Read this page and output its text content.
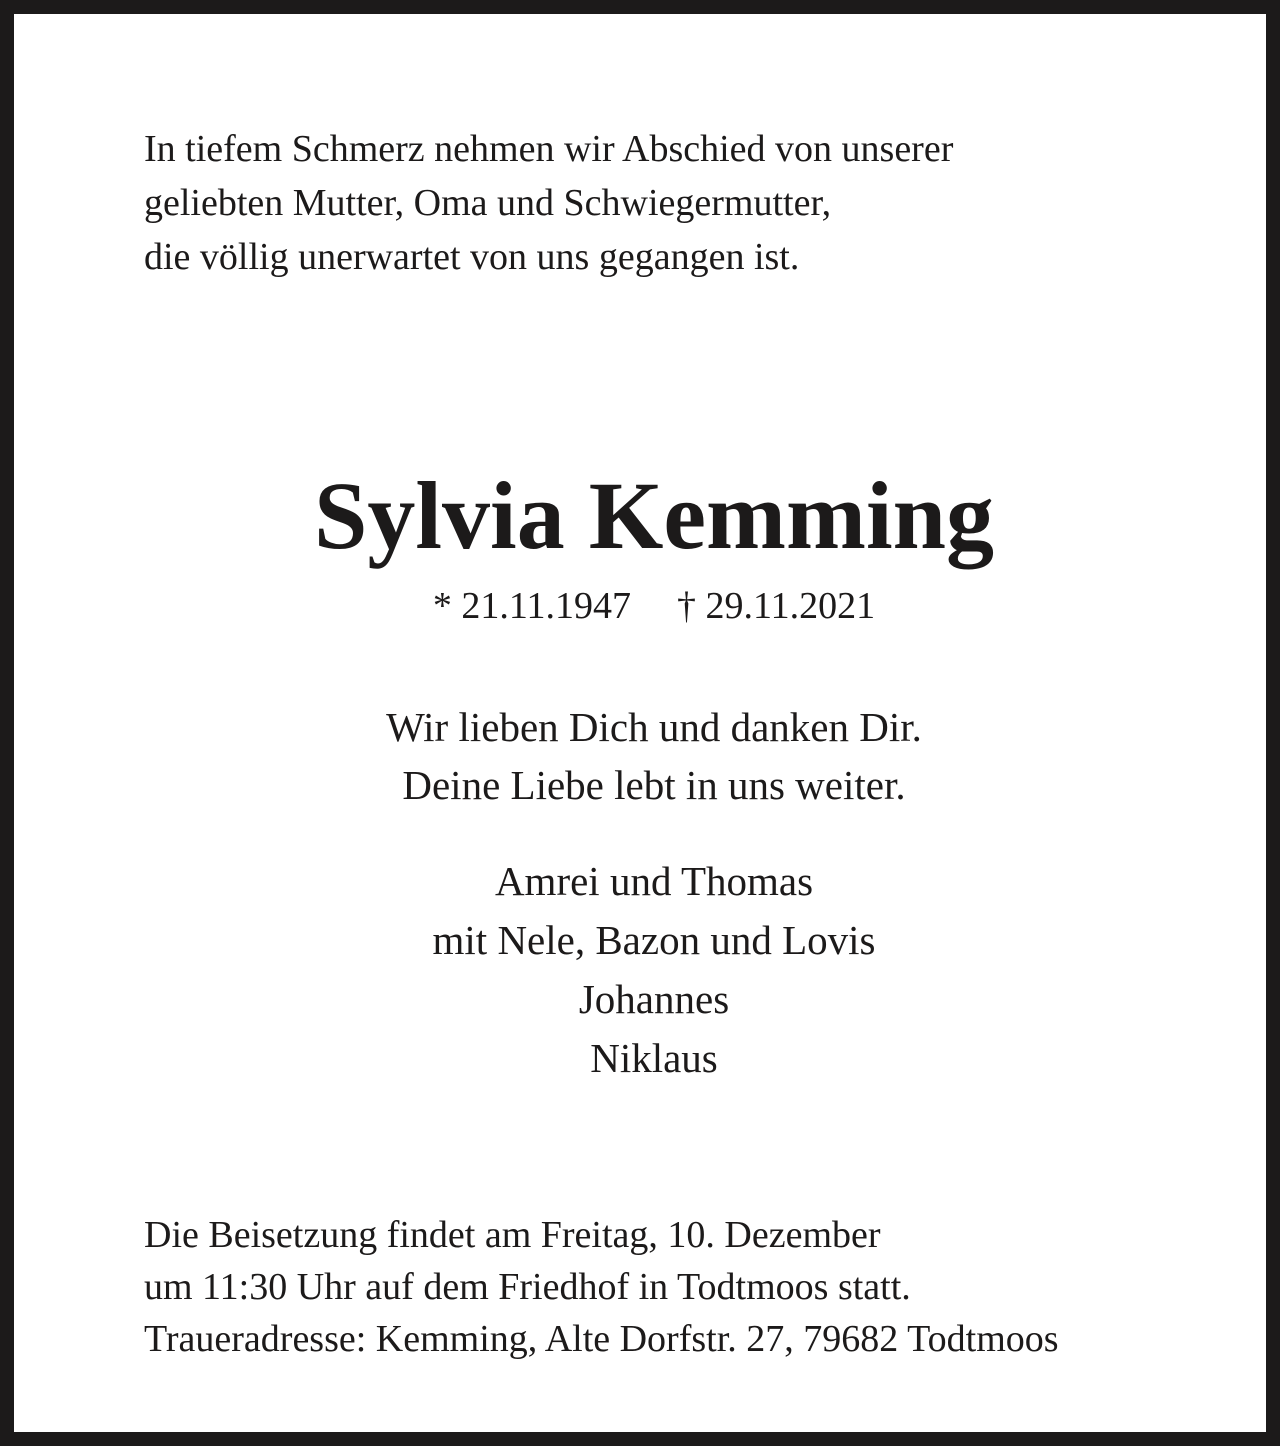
In tiefem Schmerz nehmen wir Abschied von unserer
geliebten Mutter, Oma und Schwiegermutter,
die völlig unerwartet von uns gegangen ist.
Sylvia Kemming
* 21.11.1947 † 29.11.2021
Wir lieben Dich und danken Dir.
Deine Liebe lebt in uns weiter.
Amrei und Thomas
mit Nele, Bazon und Lovis
Johannes
Niklaus
Die Beisetzung findet am Freitag, 10. Dezember
um 11:30 Uhr auf dem Friedhof in Todtmoos statt.
Traueradresse: Kemming, Alte Dorfstr. 27, 79682 Todtmoos
